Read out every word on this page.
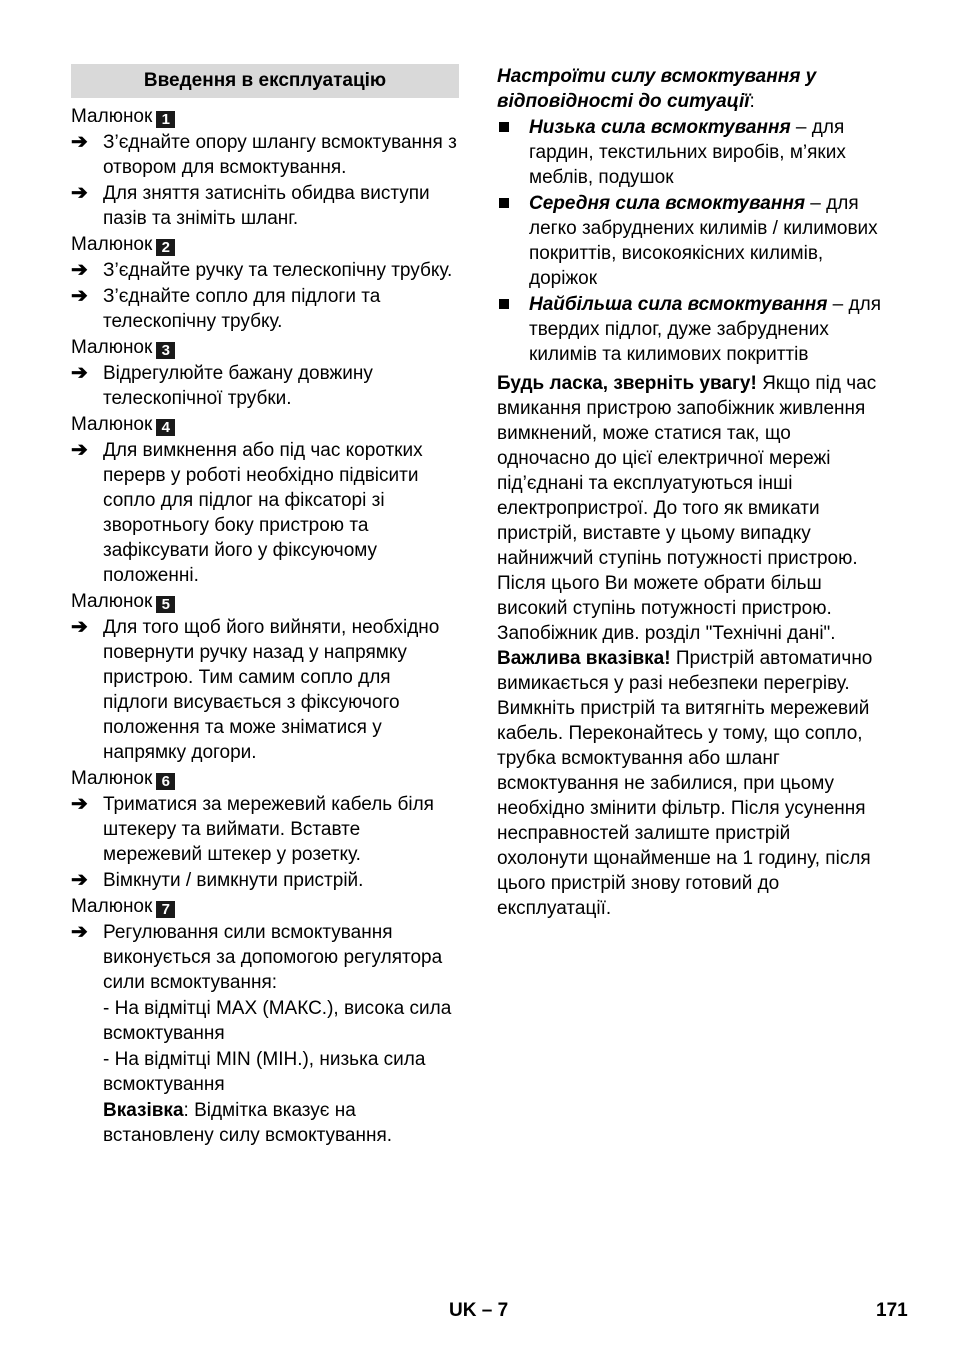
Введення в експлуатацію
Малюнок 1
➔ З’єднайте опору шлангу всмоктування з отвором для всмоктування.
➔ Для зняття затисніть обидва виступи пазів та зніміть шланг.
Малюнок 2
➔ З’єднайте ручку та телескопічну трубку.
➔ З’єднайте сопло для підлоги та телескопічну трубку.
Малюнок 3
➔ Відрегулюйте бажану довжину телескопічної трубки.
Малюнок 4
➔ Для вимкнення або під час коротких перерв у роботі необхідно підвісити сопло для підлог на фіксаторі зі зворотньогу боку пристрою та зафіксувати його у фіксуючому положенні.
Малюнок 5
➔ Для того щоб його вийняти, необхідно повернути ручку назад у напрямку пристрою. Тим самим сопло для підлоги висувається з фіксуючого положення та може зніматися у напрямку догори.
Малюнок 6
➔ Триматися за мережевий кабель біля штекеру та виймати. Вставте мережевий штекер у розетку.
➔ Вімкнути / вимкнути пристрій.
Малюнок 7
➔ Регулювання сили всмоктування виконується за допомогою регулятора сили всмоктування:
- На відмітці MAX (МАКС.), висока сила всмоктування
- На відмітці MIN (МІН.), низька сила всмоктування
Вказівка: Відмітка вказує на встановлену силу всмоктування.
Настроїти силу всмоктування у відповідності до ситуації:
Низька сила всмоктування – для гардин, текстильних виробів, м’яких меблів, подушок
Середня сила всмоктування – для легко забруднених килимів / килимових покриттів, високоякісних килимів, доріжок
Найбільша сила всмоктування – для твердих підлог, дуже забруднених килимів та килимових покриттів
Будь ласка, зверніть увагу! Якщо під час вмикання пристрою запобіжник живлення вимкнений, може статися так, що одночасно до цієї електричної мережі під’єднані та експлуатуються інші електропристрої. До того як вмикати пристрій, виставте у цьому випадку найнижчий ступінь потужності пристрою. Після цього Ви можете обрати більш високий ступінь потужності пристрою. Запобіжник див. розділ "Технічні дані".
Важлива вказівка! Пристрій автоматично вимикається у разі небезпеки перегріву. Вимкніть пристрій та витягніть мережевий кабель. Переконайтесь у тому, що сопло, трубка всмоктування або шланг всмоктування не забилися, при цьому необхідно змінити фільтр. Після усунення несправностей залиште пристрій охолонути щонайменше на 1 годину, після цього пристрій знову готовий до експлуатації.
UK – 7	171
